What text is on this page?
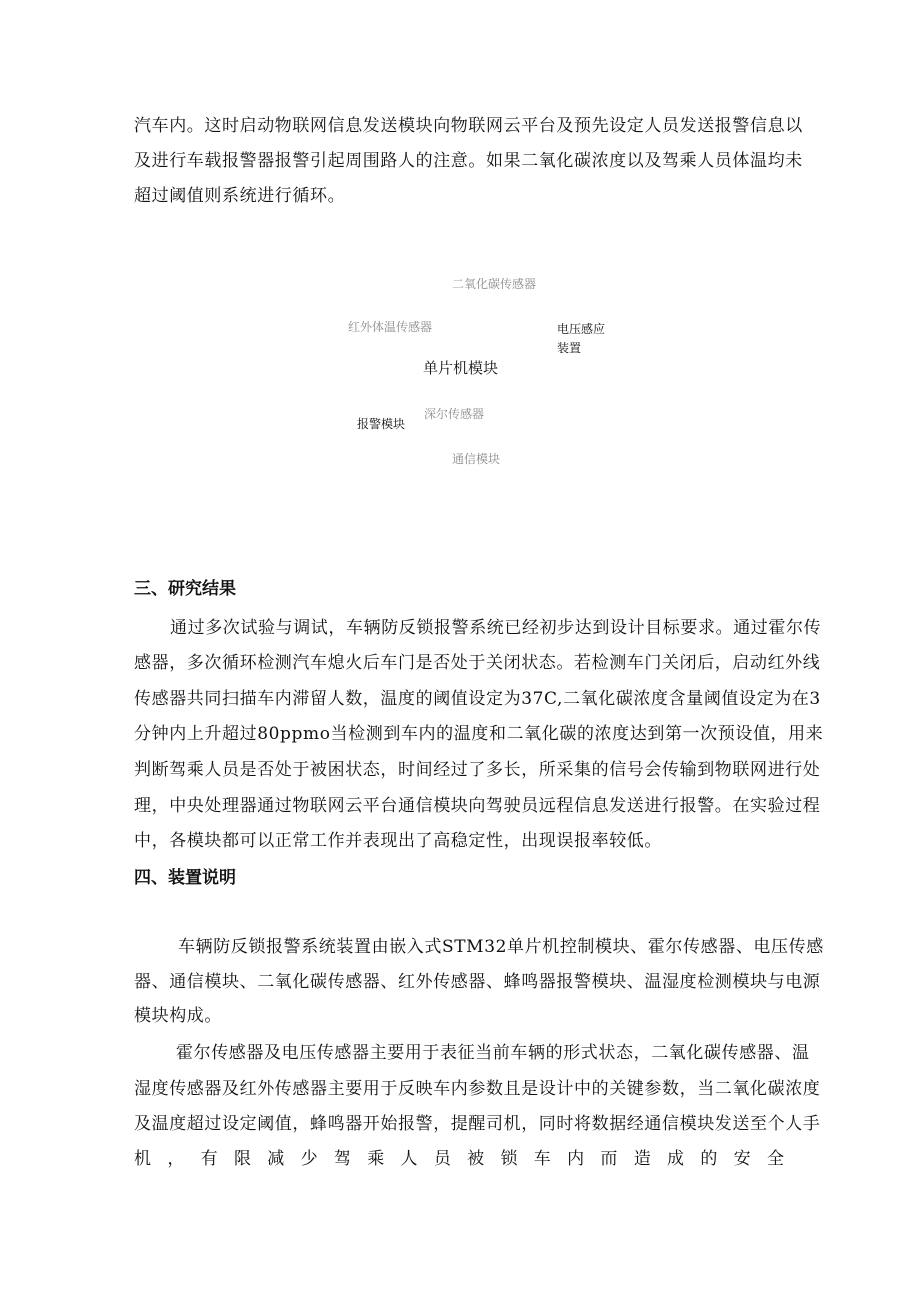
汽车内。这时启动物联网信息发送模块向物联网云平台及预先设定人员发送报警信息以
及进行车载报警器报警引起周围路人的注意。如果二氧化碳浓度以及驾乘人员体温均未
超过阈值则系统进行循环。
二氧化碳传感器
红外体温传感器	电压感应
装置
单片机模块
深尔传感器
报警模块
通信模块
三、研究结果
通过多次试验与调试，车辆防反锁报警系统已经初步达到设计目标要求。通过霍尔传
感器，多次循环检测汽车熄火后车门是否处于关闭状态。若检测车门关闭后，启动红外线
传感器共同扫描车内滞留人数，温度的阈值设定为37C,二氧化碳浓度含量阈值设定为在3
分钟内上升超过80ppmo当检测到车内的温度和二氧化碳的浓度达到第一次预设值，用来
判断驾乘人员是否处于被困状态，时间经过了多长，所采集的信号会传输到物联网进行处
理，中央处理器通过物联网云平台通信模块向驾驶员远程信息发送进行报警。在实验过程
中，各模块都可以正常工作并表现出了高稳定性，出现误报率较低。
四、装置说明
车辆防反锁报警系统装置由嵌入式STM32单片机控制模块、霍尔传感器、电压传感
器、通信模块、二氧化碳传感器、红外传感器、蜂鸣器报警模块、温湿度检测模块与电源
模块构成。
霍尔传感器及电压传感器主要用于表征当前车辆的形式状态，二氧化碳传感器、温
湿度传感器及红外传感器主要用于反映车内参数且是设计中的关键参数，当二氧化碳浓度
及温度超过设定阈值，蜂鸣器开始报警，提醒司机，同时将数据经通信模块发送至个人手
机 ， 有 限 减 少 驾 乘 人 员 被 锁 车 内 而 造 成 的 安 全
